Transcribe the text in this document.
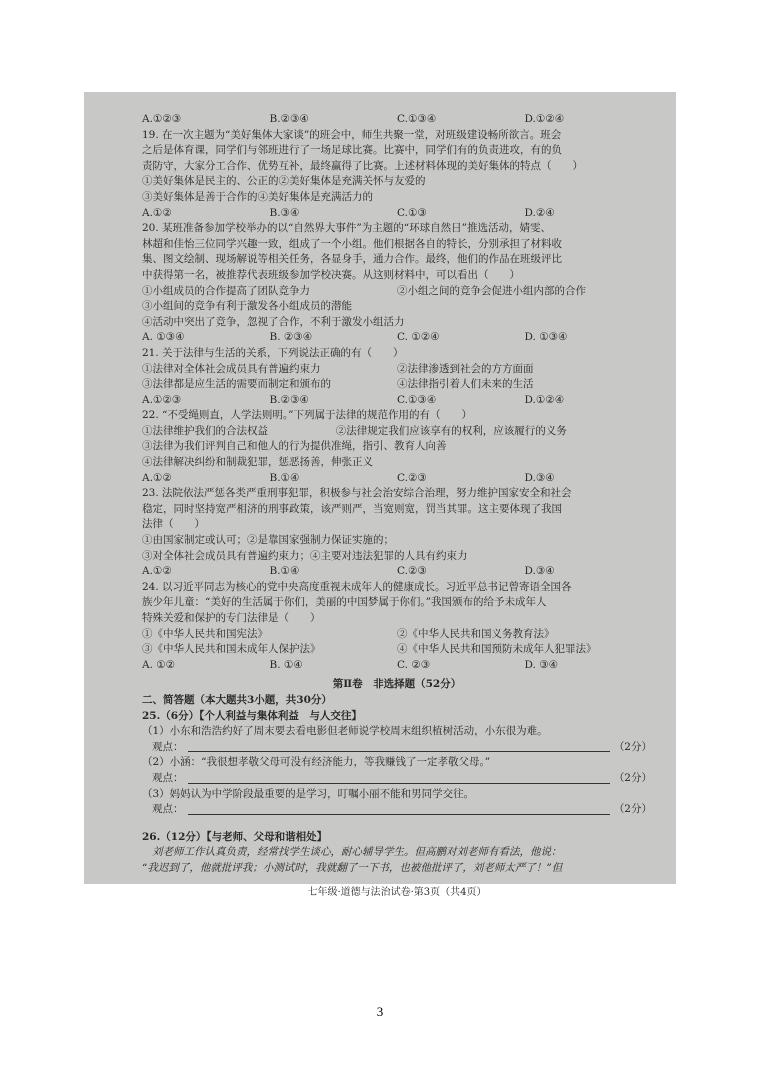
A.①②③	B.②③④	C.①③④	D.①②④
19. 在一次主题为“美好集体大家谈”的班会中，师生共聚一堂，对班级建设畅所欲言。班会
之后是体育课，同学们与邻班进行了一场足球比赛。比赛中，同学们有的负责进攻，有的负
责防守，大家分工合作、优势互补，最终赢得了比赛。上述材料体现的美好集体的特点（　　）
①美好集体是民主的、公正的②美好集体是充满关怀与友爱的
③美好集体是善于合作的④美好集体是充满活力的
A.①②	B.③④	C.①③	D.②④
20. 某班准备参加学校举办的以“自然界大事件”为主题的“环球自然日”推选活动，婧雯、
林超和佳怡三位同学兴趣一致，组成了一个小组。他们根据各自的特长，分别承担了材料收
集、图文绘制、现场解说等相关任务，各显身手，通力合作。最终，他们的作品在班级评比
中获得第一名，被推荐代表班级参加学校决赛。从这则材料中，可以看出（　　）
①小组成员的合作提高了团队竞争力	②小组之间的竞争会促进小组内部的合作
③小组间的竞争有利于激发各小组成员的潜能
④活动中突出了竞争，忽视了合作，不利于激发小组活力
A. ①③④	B. ②③④	C. ①②④	D. ①③④
21. 关于法律与生活的关系，下列说法正确的有（　　）
①法律对全体社会成员具有普遍约束力	②法律渗透到社会的方方面面
③法律都是应生活的需要而制定和颁布的	④法律指引着人们未来的生活
A.①②③	B.②③④	C.①③④	D.①②④
22. “不受绳则直，人学法则明。”下列属于法律的规范作用的有（　　）
①法律维护我们的合法权益	②法律规定我们应该享有的权利，应该履行的义务
③法律为我们评判自己和他人的行为提供准绳，指引、教育人向善
④法律解决纠纷和制裁犯罪，惩恶扬善，伸张正义
A.①②	B.①④	C.②③	D.③④
23. 法院依法严惩各类严重刑事犯罪，积极参与社会治安综合治理，努力维护国家安全和社会
稳定，同时坚持宽严相济的刑事政策，该严则严，当宽则宽，罚当其罪。这主要体现了我国
法律（　　）
①由国家制定或认可；②是靠国家强制力保证实施的；
③对全体社会成员具有普遍约束力；④主要对违法犯罪的人具有约束力
A.①②	B.①④	C.②③	D.③④
24. 以习近平同志为核心的党中央高度重视未成年人的健康成长。习近平总书记曾寄语全国各
族少年儿童：“美好的生活属于你们，美丽的中国梦属于你们。”我国颁布的给予未成年人
特殊关爱和保护的专门法律是（　　）
①《中华人民共和国宪法》	②《中华人民共和国义务教育法》
③《中华人民共和国未成年人保护法》	④《中华人民共和国预防未成年人犯罪法》
A. ①②	B. ①④	C. ②③	D. ③④
第Ⅱ卷　非选择题（52分）
二、简答题（本大题共3小题，共30分）
25.（6分）【个人利益与集体利益　与人交往】
（1）小东和浩浩约好了周末要去看电影但老师说学校周末组织植树活动，小东很为难。
观点：	（2分）
（2）小涵：“我很想孝敬父母可没有经济能力，等我赚钱了一定孝敬父母。”
观点：	（2分）
（3）妈妈认为中学阶段最重要的是学习，叮嘱小丽不能和男同学交往。
观点：	（2分）
26.（12分）【与老师、父母和谐相处】
刘老师工作认真负责，经常找学生谈心，耐心辅导学生。但高鹏对刘老师有看法，他说：
“我迟到了，他就批评我；小测试时，我就翻了一下书，也被他批评了，刘老师太严了！”但
七年级·道德与法治试卷·第3页（共4页）
3
